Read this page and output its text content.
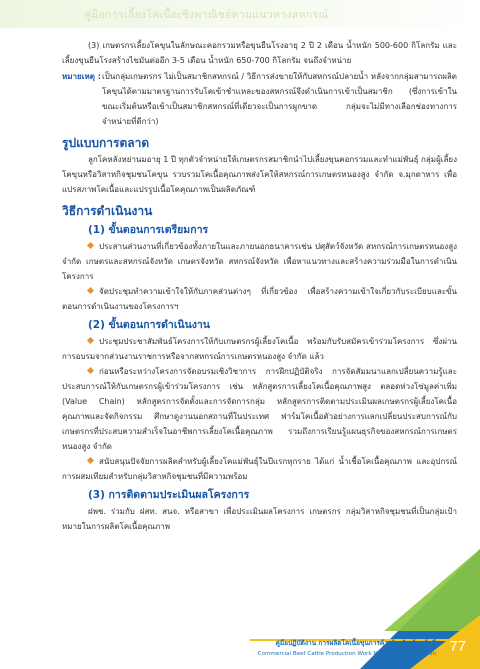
คู่มือการเลี้ยงโคเนื้อเชิงพาณิชย์ตามแนวทางสหกรณ์

(3) เกษตรกรเลี้ยงโคขุนในลักษณะคอกรวมหรือขุนยืนโรงอายุ 2 ปี 2 เดือน น้ำหนัก 500-600 กิโลกรัม และเลี้ยงขุนยืนโรงสร้างไขมันต่ออีก 3-5 เดือน น้ำหนัก 650-700 กิโลกรัม จนถึงจำหน่าย

หมายเหตุ : เป็นกลุ่มเกษตรกร ไม่เป็นสมาชิกสหกรณ์ / วิธีการส่งขายให้กับสหกรณ์ปลายน้ำ หลังจากกลุ่มสามารถผลิตโคขุนได้ตามมาตรฐานการรับโคเข้าชำแหละของสหกรณ์จึงดำเนินการเข้าเป็นสมาชิก (ซึ่งการเข้าในขณะเริ่มต้นหรือเข้าเป็นสมาชิกสหกรณ์ที่เดียวจะเป็นการผูกขาด กลุ่มจะไม่มีทางเลือกช่องทางการจำหน่ายที่ดีกว่า)
รูปแบบการตลาด

ลูกโคหลังหย่านมอายุ 1 ปี ทุกตัวจำหน่ายให้เกษตรกรสมาชิกนำไปเลี้ยงขุนคอกรวมและทำแม่พันธุ์ กลุ่มผู้เลี้ยงโคขุนหรือวิสาหกิจชุมชนโคขุน รวบรวมโคเนื้อคุณภาพส่งโคให้สหกรณ์การเกษตรหนองสูง จำกัด จ.มุกดาหาร เพื่อแปรสภาพโคเนื้อและแปรรูปเนื้อโคคุณภาพเป็นผลิตภัณฑ์

วิธีการดำเนินงาน
(1) ขั้นตอนการเตรียมการ

ประสานส่วนงานที่เกี่ยวข้องทั้งภายในและภายนอกธนาคารเช่น ปศุสัตว์จังหวัด สหกรณ์การเกษตรหนองสูง จำกัด เกษตรและสหกรณ์จังหวัด เกษตรจังหวัด สหกรณ์จังหวัด เพื่อหาแนวทางและสร้างความร่วมมือในการดำเนินโครงการ

จัดประชุมทำความเข้าใจให้กับภาคส่วนต่างๆ ที่เกี่ยวข้อง เพื่อสร้างความเข้าใจเกี่ยวกับระเบียบและขั้นตอนการดำเนินงานของโครงการฯ

(2) ขั้นตอนการดำเนินงาน

ประชุมประชาสัมพันธ์โครงการให้กับเกษตรกรผู้เลี้ยงโคเนื้อ พร้อมกับรับสมัครเข้าร่วมโครงการ ซึ่งผ่านการอบรมจากส่วนงานราชการหรือจากสหกรณ์การเกษตรหนองสูง จำกัด แล้ว

ก่อนหรือระหว่างโครงการจัดอบรมเชิงวิชาการ การฝึกปฏิบัติจริง การจัดสัมมนาแลกเปลี่ยนความรู้และประสบการณ์ให้กับเกษตรกรผู้เข้าร่วมโครงการ เช่น หลักสูตรการเลี้ยงโคเนื้อคุณภาพสูง ตลอดห่วงโซ่มูลค่าเพิ่ม (Value Chain) หลักสูตรการจัดตั้งและการจัดการกลุ่ม หลักสูตรการติดตามประเมินผลเกษตรกรผู้เลี้ยงโคเนื้อคุณภาพและจัดกิจกรรม ศึกษาดูงานนอกสถานที่ในประเทศ ฟาร์มโคเนื้อตัวอย่างการแลกเปลี่ยนประสบการณ์กับเกษตรกรที่ประสบความสำเร็จในอาชีพการเลี้ยงโคเนื้อคุณภาพ รวมถึงการเรียนรู้แผนธุรกิจของสหกรณ์การเกษตรหนองสูง จำกัด

สนับสนุนปัจจัยการผลิตสำหรับผู้เลี้ยงโคแม่พันธุ์ในปีแรกทุกราย ได้แก่ น้ำเชื้อโคเนื้อคุณภาพ และอุปกรณ์การผสมเทียมสำหรับกลุ่มวิสาหกิจชุมชนที่มีความพร้อม

(3) การติดตามประเมินผลโครงการ

ฝพช. ร่วมกับ ฝสท. สนจ. หรือสาขา เพื่อประเมินผลโครงการ เกษตรกร กลุ่มวิสาหกิจชุมชนที่เป็นกลุ่มเป้าหมายในการผลิตโคเนื้อคุณภาพ

คู่มือปฏิบัติงาน การผลิตโคเนื้อขุนการค้า สำหรับเจ้าหน้าที่
Commercial Beef Cattle Production Work Manual Official Edition 77
